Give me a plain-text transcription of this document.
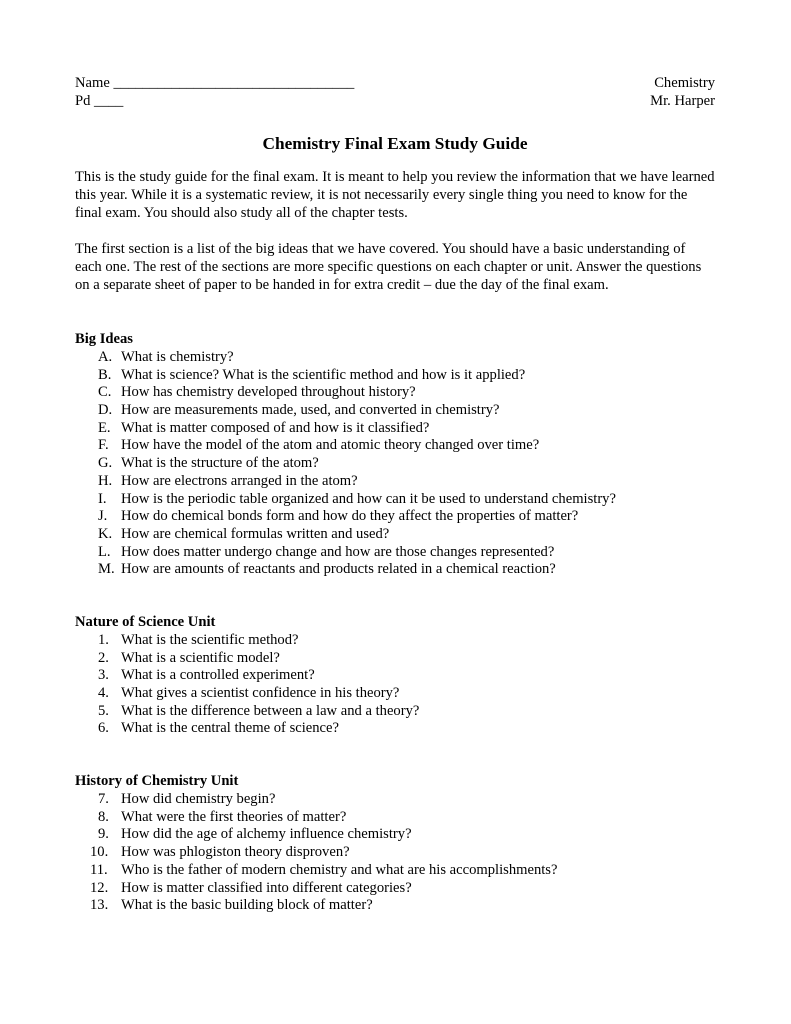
Name _________________________________	Chemistry
Pd ____	Mr. Harper
Chemistry Final Exam Study Guide

This is the study guide for the final exam. It is meant to help you review the information that we have learned this year. While it is a systematic review, it is not necessarily every single thing you need to know for the final exam. You should also study all of the chapter tests.

The first section is a list of the big ideas that we have covered. You should have a basic understanding of each one. The rest of the sections are more specific questions on each chapter or unit. Answer the questions on a separate sheet of paper to be handed in for extra credit – due the day of the final exam.

Big Ideas
A. What is chemistry?
B. What is science? What is the scientific method and how is it applied?
C. How has chemistry developed throughout history?
D. How are measurements made, used, and converted in chemistry?
E. What is matter composed of and how is it classified?
F. How have the model of the atom and atomic theory changed over time?
G. What is the structure of the atom?
H. How are electrons arranged in the atom?
I. How is the periodic table organized and how can it be used to understand chemistry?
J. How do chemical bonds form and how do they affect the properties of matter?
K. How are chemical formulas written and used?
L. How does matter undergo change and how are those changes represented?
M. How are amounts of reactants and products related in a chemical reaction?
Nature of Science Unit
1. What is the scientific method?
2. What is a scientific model?
3. What is a controlled experiment?
4. What gives a scientist confidence in his theory?
5. What is the difference between a law and a theory?
6. What is the central theme of science?
History of Chemistry Unit
7. How did chemistry begin?
8. What were the first theories of matter?
9. How did the age of alchemy influence chemistry?
10. How was phlogiston theory disproven?
11. Who is the father of modern chemistry and what are his accomplishments?
12. How is matter classified into different categories?
13. What is the basic building block of matter?
